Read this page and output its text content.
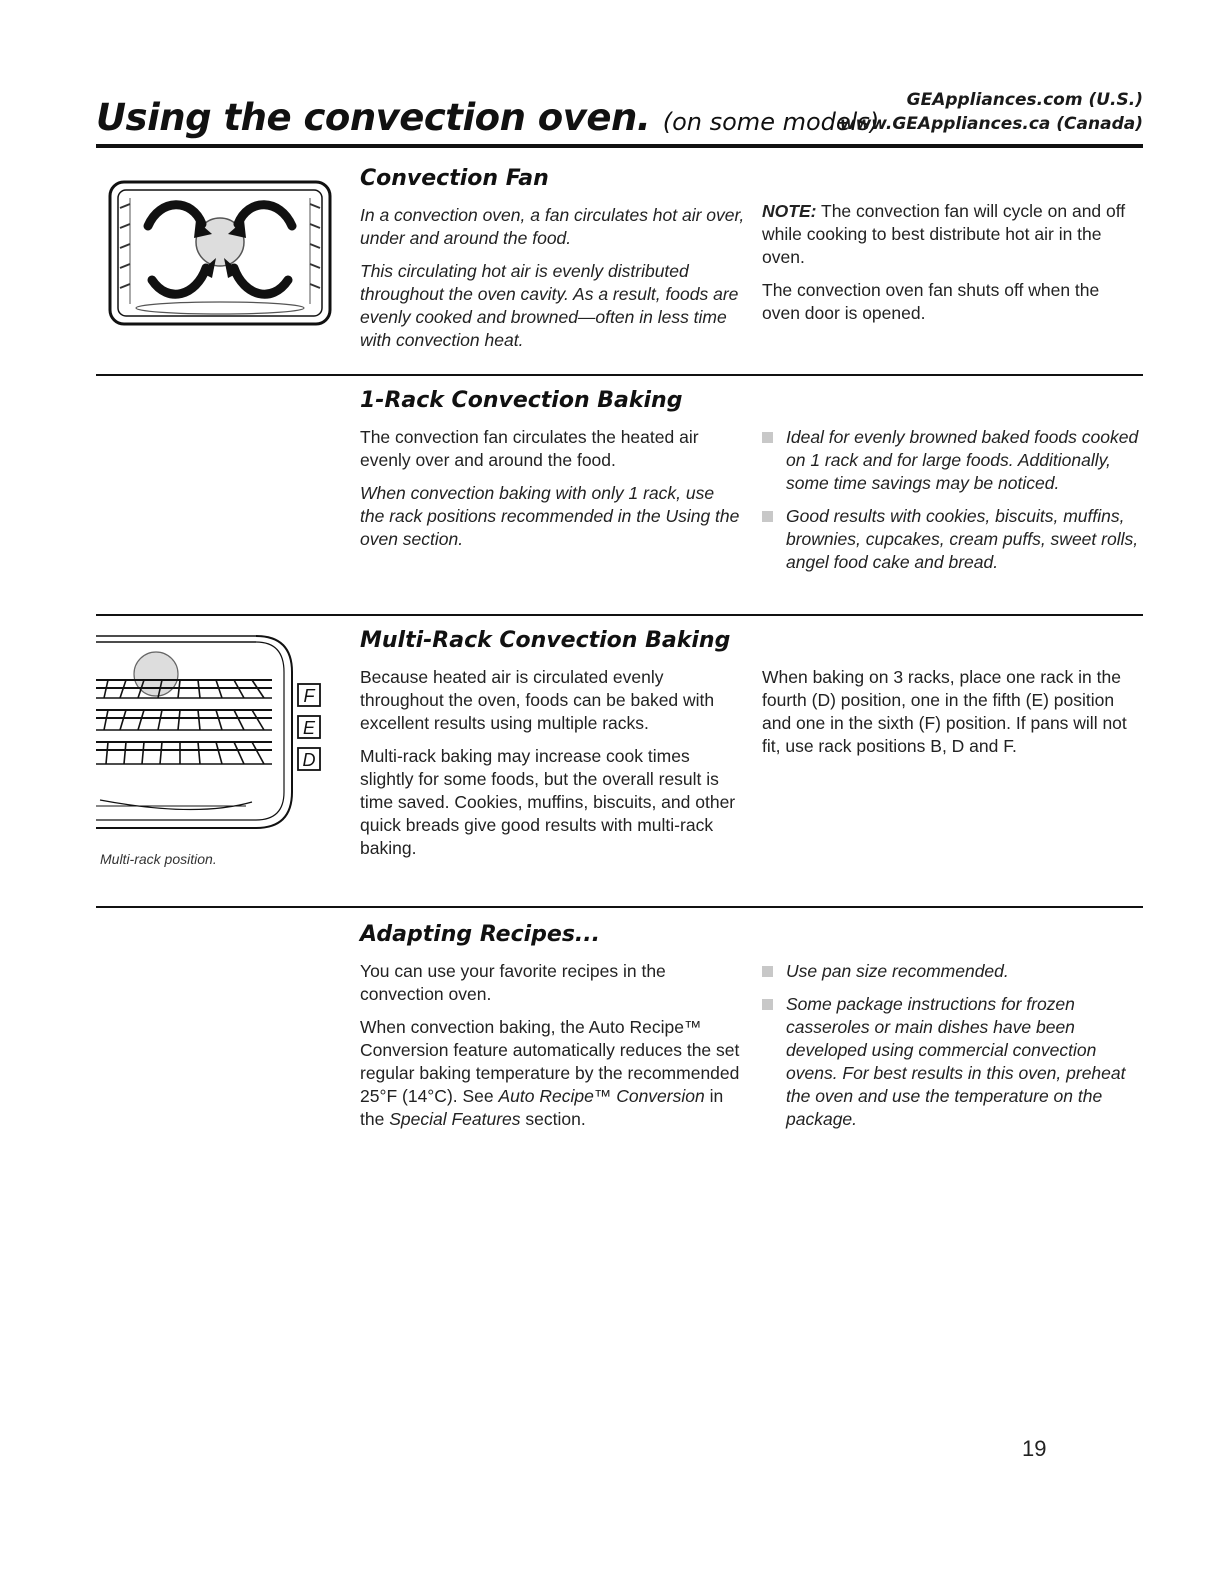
Using the convection oven. (on some models)
GEAppliances.com (U.S.)
www.GEAppliances.ca (Canada)
Convection Fan

In a convection oven, a fan circulates hot air over, under and around the food.

This circulating hot air is evenly distributed throughout the oven cavity. As a result, foods are evenly cooked and browned—often in less time with convection heat.

NOTE: The convection fan will cycle on and off while cooking to best distribute hot air in the oven.

The convection oven fan shuts off when the oven door is opened.

1-Rack Convection Baking

The convection fan circulates the heated air evenly over and around the food.

When convection baking with only 1 rack, use the rack positions recommended in the Using the oven section.

Ideal for evenly browned baked foods cooked on 1 rack and for large foods. Additionally, some time savings may be noticed.
Good results with cookies, biscuits, muffins, brownies, cupcakes, cream puffs, sweet rolls, angel food cake and bread.
F
E
D
Multi-rack position.
Multi-Rack Convection Baking

Because heated air is circulated evenly throughout the oven, foods can be baked with excellent results using multiple racks.

Multi-rack baking may increase cook times slightly for some foods, but the overall result is time saved. Cookies, muffins, biscuits, and other quick breads give good results with multi-rack baking.

When baking on 3 racks, place one rack in the fourth (D) position, one in the fifth (E) position and one in the sixth (F) position. If pans will not fit, use rack positions B, D and F.

Adapting Recipes...

You can use your favorite recipes in the convection oven.

When convection baking, the Auto Recipe™ Conversion feature automatically reduces the set regular baking temperature by the recommended 25°F (14°C). See Auto Recipe™ Conversion in the Special Features section.

Use pan size recommended.
Some package instructions for frozen casseroles or main dishes have been developed using commercial convection ovens. For best results in this oven, preheat the oven and use the temperature on the package.
19
